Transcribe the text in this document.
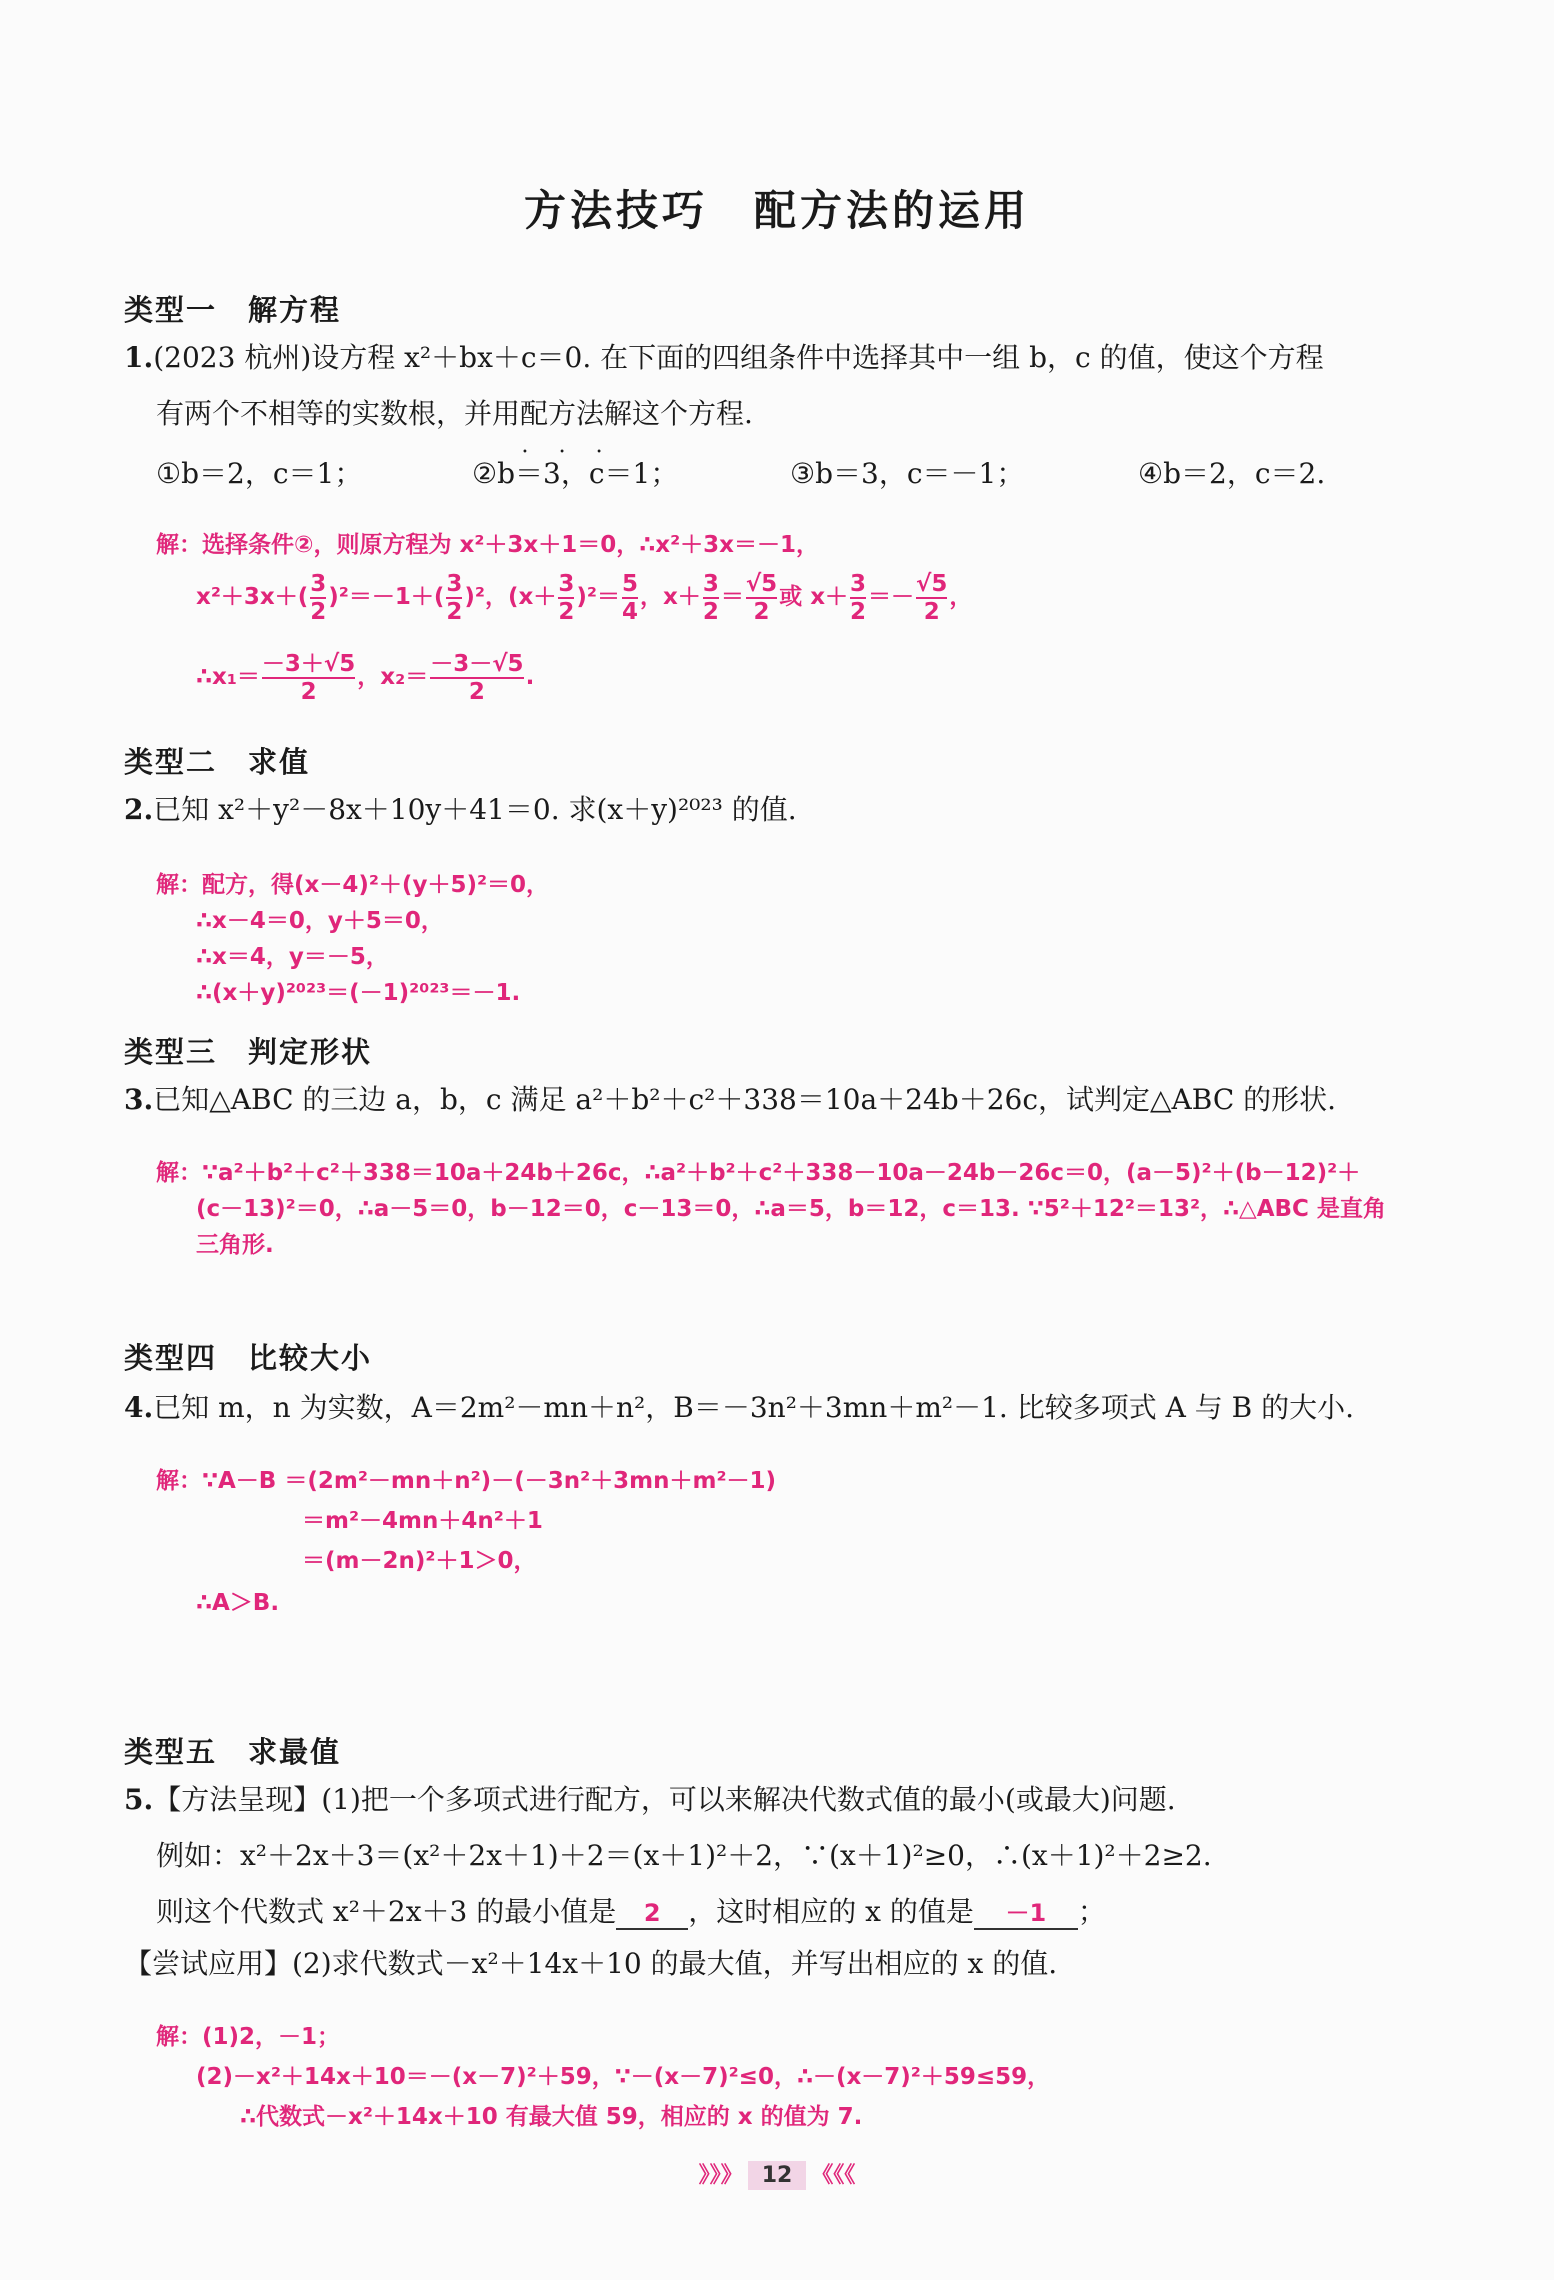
方法技巧　配方法的运用
类型一　解方程
1.(2023 杭州)设方程 x²＋bx＋c＝0. 在下面的四组条件中选择其中一组 b，c 的值，使这个方程
有两个不相等的实数根，并用配方法 • • •解这个方程.
①b＝2，c＝1；	②b＝3，c＝1；	③b＝3，c＝－1；	④b＝2，c＝2.
解：选择条件②，则原方程为 x²＋3x＋1＝0，∴x²＋3x＝－1，
$x^2+3x+( \frac{3}{2} )^2=-1+( \frac{3}{2} )^2$，$(x+ \frac{3}{2} )^2= \frac{5}{4}$ ，$x+ \frac{3}{2} = \frac{√5}{2}$ 或 $x+ \frac{3}{2} =- \frac{√5}{2}$ ，
∴x₁＝ $\frac{-3+√5}{2}$ ，$x_2= \frac{-3-√5}{2}$ .
类型二　求值
2.已知 x²＋y²－8x＋10y＋41＝0. 求(x＋y)²⁰²³ 的值.
解：配方，得(x－4)²＋(y＋5)²＝0，
∴x－4＝0，y＋5＝0，
∴x＝4，y＝－5，
∴(x＋y)²⁰²³＝(－1)²⁰²³＝－1.
类型三　判定形状
3.已知△ABC 的三边 a，b，c 满足 a²＋b²＋c²＋338＝10a＋24b＋26c，试判定△ABC 的形状.
解：∵a²＋b²＋c²＋338＝10a＋24b＋26c，∴a²＋b²＋c²＋338－10a－24b－26c＝0，(a－5)²＋(b－12)²＋
(c－13)²＝0，∴a－5＝0，b－12＝0，c－13＝0，∴a＝5，b＝12，c＝13. ∵5²＋12²＝13²，∴△ABC 是直角
三角形.
类型四　比较大小
4.已知 m，n 为实数，A＝2m²－mn＋n²，B＝－3n²＋3mn＋m²－1. 比较多项式 A 与 B 的大小.
解：∵A－B ＝(2m²－mn＋n²)－(－3n²＋3mn＋m²－1)
＝m²－4mn＋4n²＋1
＝(m－2n)²＋1＞0，
∴A＞B.
类型五　求最值
5.【方法呈现】(1)把一个多项式进行配方，可以来解决代数式值的最小(或最大)问题.
例如：x²＋2x＋3＝(x²＋2x＋1)＋2＝(x＋1)²＋2，∵(x＋1)²≥0，∴(x＋1)²＋2≥2.
则这个代数式 x²＋2x＋3 的最小值是 2 ，这时相应的 x 的值是 －1 ；
【尝试应用】(2)求代数式－x²＋14x＋10 的最大值，并写出相应的 x 的值.
解：(1)2，－1；
(2)－x²＋14x＋10＝－(x－7)²＋59，∵－(x－7)²≤0，∴－(x－7)²＋59≤59，
∴代数式－x²＋14x＋10 有最大值 59，相应的 x 的值为 7.
》》》 12 《《《
